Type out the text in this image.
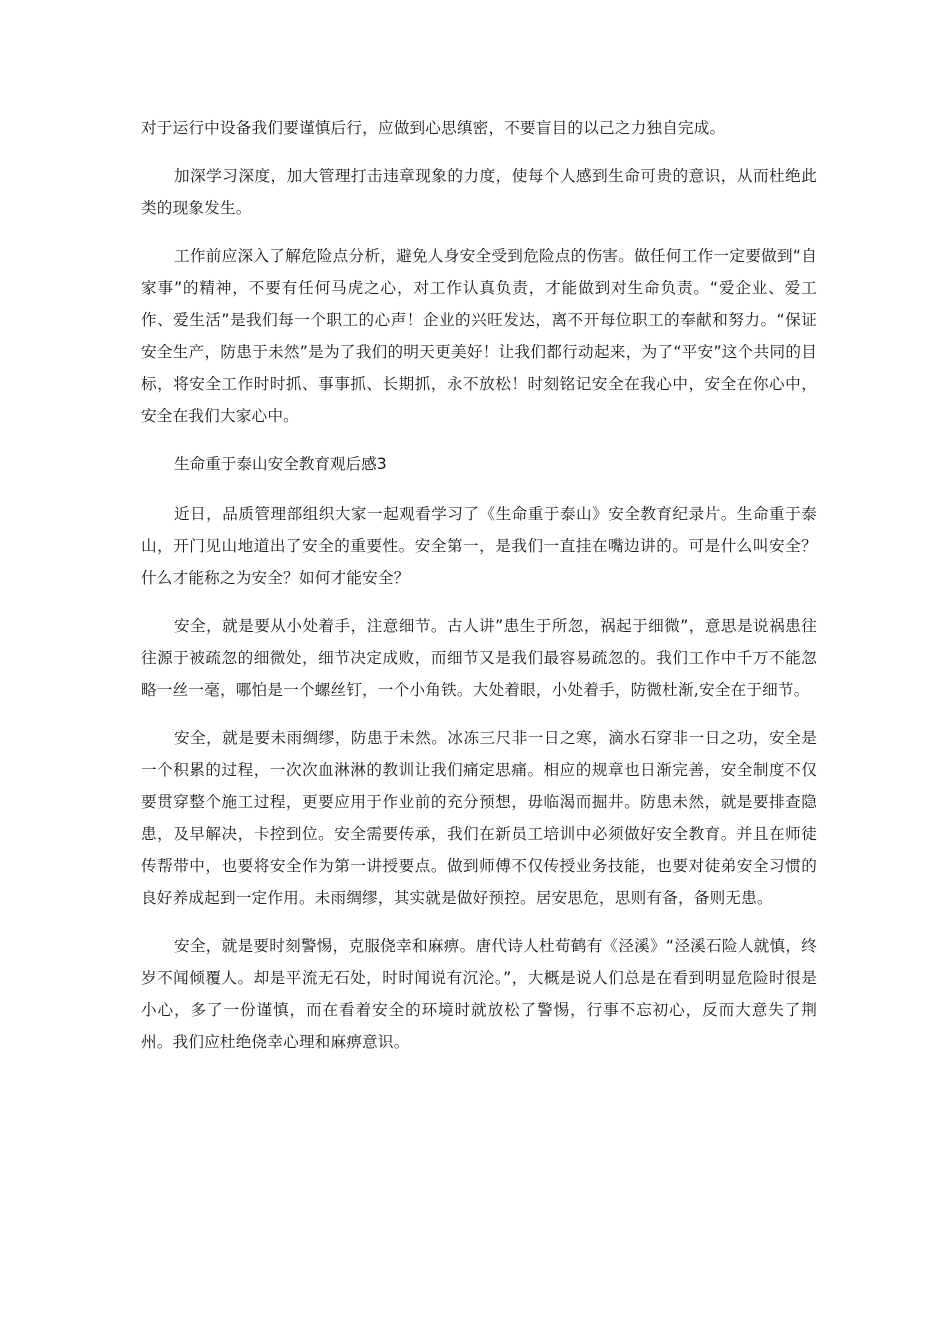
对于运行中设备我们要谨慎后行，应做到心思缜密，不要盲目的以己之力独自完成。

加深学习深度，加大管理打击违章现象的力度，使每个人感到生命可贵的意识，从而杜绝此类的现象发生。

工作前应深入了解危险点分析，避免人身安全受到危险点的伤害。做任何工作一定要做到“自家事”的精神，不要有任何马虎之心，对工作认真负责，才能做到对生命负责。“爱企业、爱工作、爱生活”是我们每一个职工的心声！企业的兴旺发达，离不开每位职工的奉献和努力。“保证安全生产，防患于未然”是为了我们的明天更美好！让我们都行动起来，为了“平安”这个共同的目标，将安全工作时时抓、事事抓、长期抓，永不放松！时刻铭记安全在我心中，安全在你心中，安全在我们大家心中。

生命重于泰山安全教育观后感3

近日，品质管理部组织大家一起观看学习了《生命重于泰山》安全教育纪录片。生命重于泰山，开门见山地道出了安全的重要性。安全第一，是我们一直挂在嘴边讲的。可是什么叫安全？什么才能称之为安全？如何才能安全？

安全，就是要从小处着手，注意细节。古人讲”患生于所忽，祸起于细微”，意思是说祸患往往源于被疏忽的细微处，细节决定成败，而细节又是我们最容易疏忽的。我们工作中千万不能忽略一丝一毫，哪怕是一个螺丝钉，一个小角铁。大处着眼，小处着手，防微杜渐,安全在于细节。

安全，就是要未雨绸缪，防患于未然。冰冻三尺非一日之寒，滴水石穿非一日之功，安全是一个积累的过程，一次次血淋淋的教训让我们痛定思痛。相应的规章也日渐完善，安全制度不仅要贯穿整个施工过程，更要应用于作业前的充分预想，毋临渴而掘井。防患未然，就是要排查隐患，及早解决，卡控到位。安全需要传承，我们在新员工培训中必须做好安全教育。并且在师徒传帮带中，也要将安全作为第一讲授要点。做到师傅不仅传授业务技能，也要对徒弟安全习惯的良好养成起到一定作用。未雨绸缪，其实就是做好预控。居安思危，思则有备，备则无患。

安全，就是要时刻警惕，克服侥幸和麻痹。唐代诗人杜荀鹤有《泾溪》“泾溪石险人就慎，终岁不闻倾覆人。却是平流无石处，时时闻说有沉沦。”，大概是说人们总是在看到明显危险时很是小心，多了一份谨慎，而在看着安全的环境时就放松了警惕，行事不忘初心，反而大意失了荆州。我们应杜绝侥幸心理和麻痹意识。
